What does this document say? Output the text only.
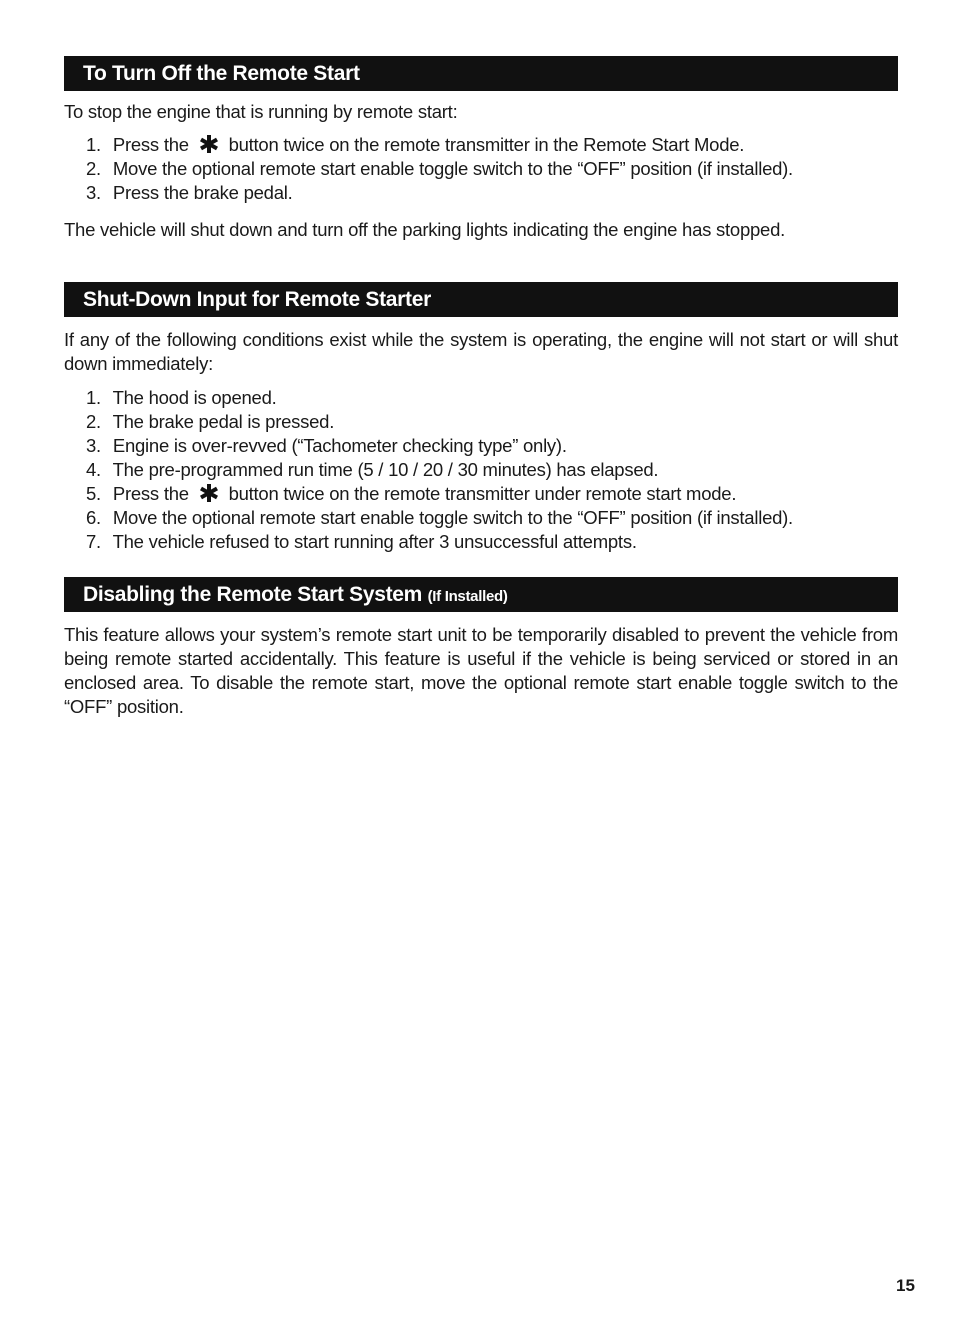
To Turn Off the Remote Start

To stop the engine that is running by remote start:

1. Press the button twice on the remote transmitter in the Remote Start Mode.
2. Move the optional remote start enable toggle switch to the “OFF” position (if installed).
3. Press the brake pedal.

The vehicle will shut down and turn off the parking lights indicating the engine has stopped.

Shut-Down Input for Remote Starter

If any of the following conditions exist while the system is operating, the engine will not start or will shut down immediately:

1. The hood is opened.
2. The brake pedal is pressed.
3. Engine is over-revved (“Tachometer checking type” only).
4. The pre-programmed run time (5 / 10 / 20 / 30 minutes) has elapsed.
5. Press the button twice on the remote transmitter under remote start mode.
6. Move the optional remote start enable toggle switch to the “OFF” position (if installed).
7. The vehicle refused to start running after 3 unsuccessful attempts.
Disabling the Remote Start System (If Installed)

This feature allows your system’s remote start unit to be temporarily disabled to prevent the vehicle from being remote started accidentally. This feature is useful if the vehicle is being serviced or stored in an enclosed area. To disable the remote start, move the optional remote start enable toggle switch to the “OFF” position.

15
